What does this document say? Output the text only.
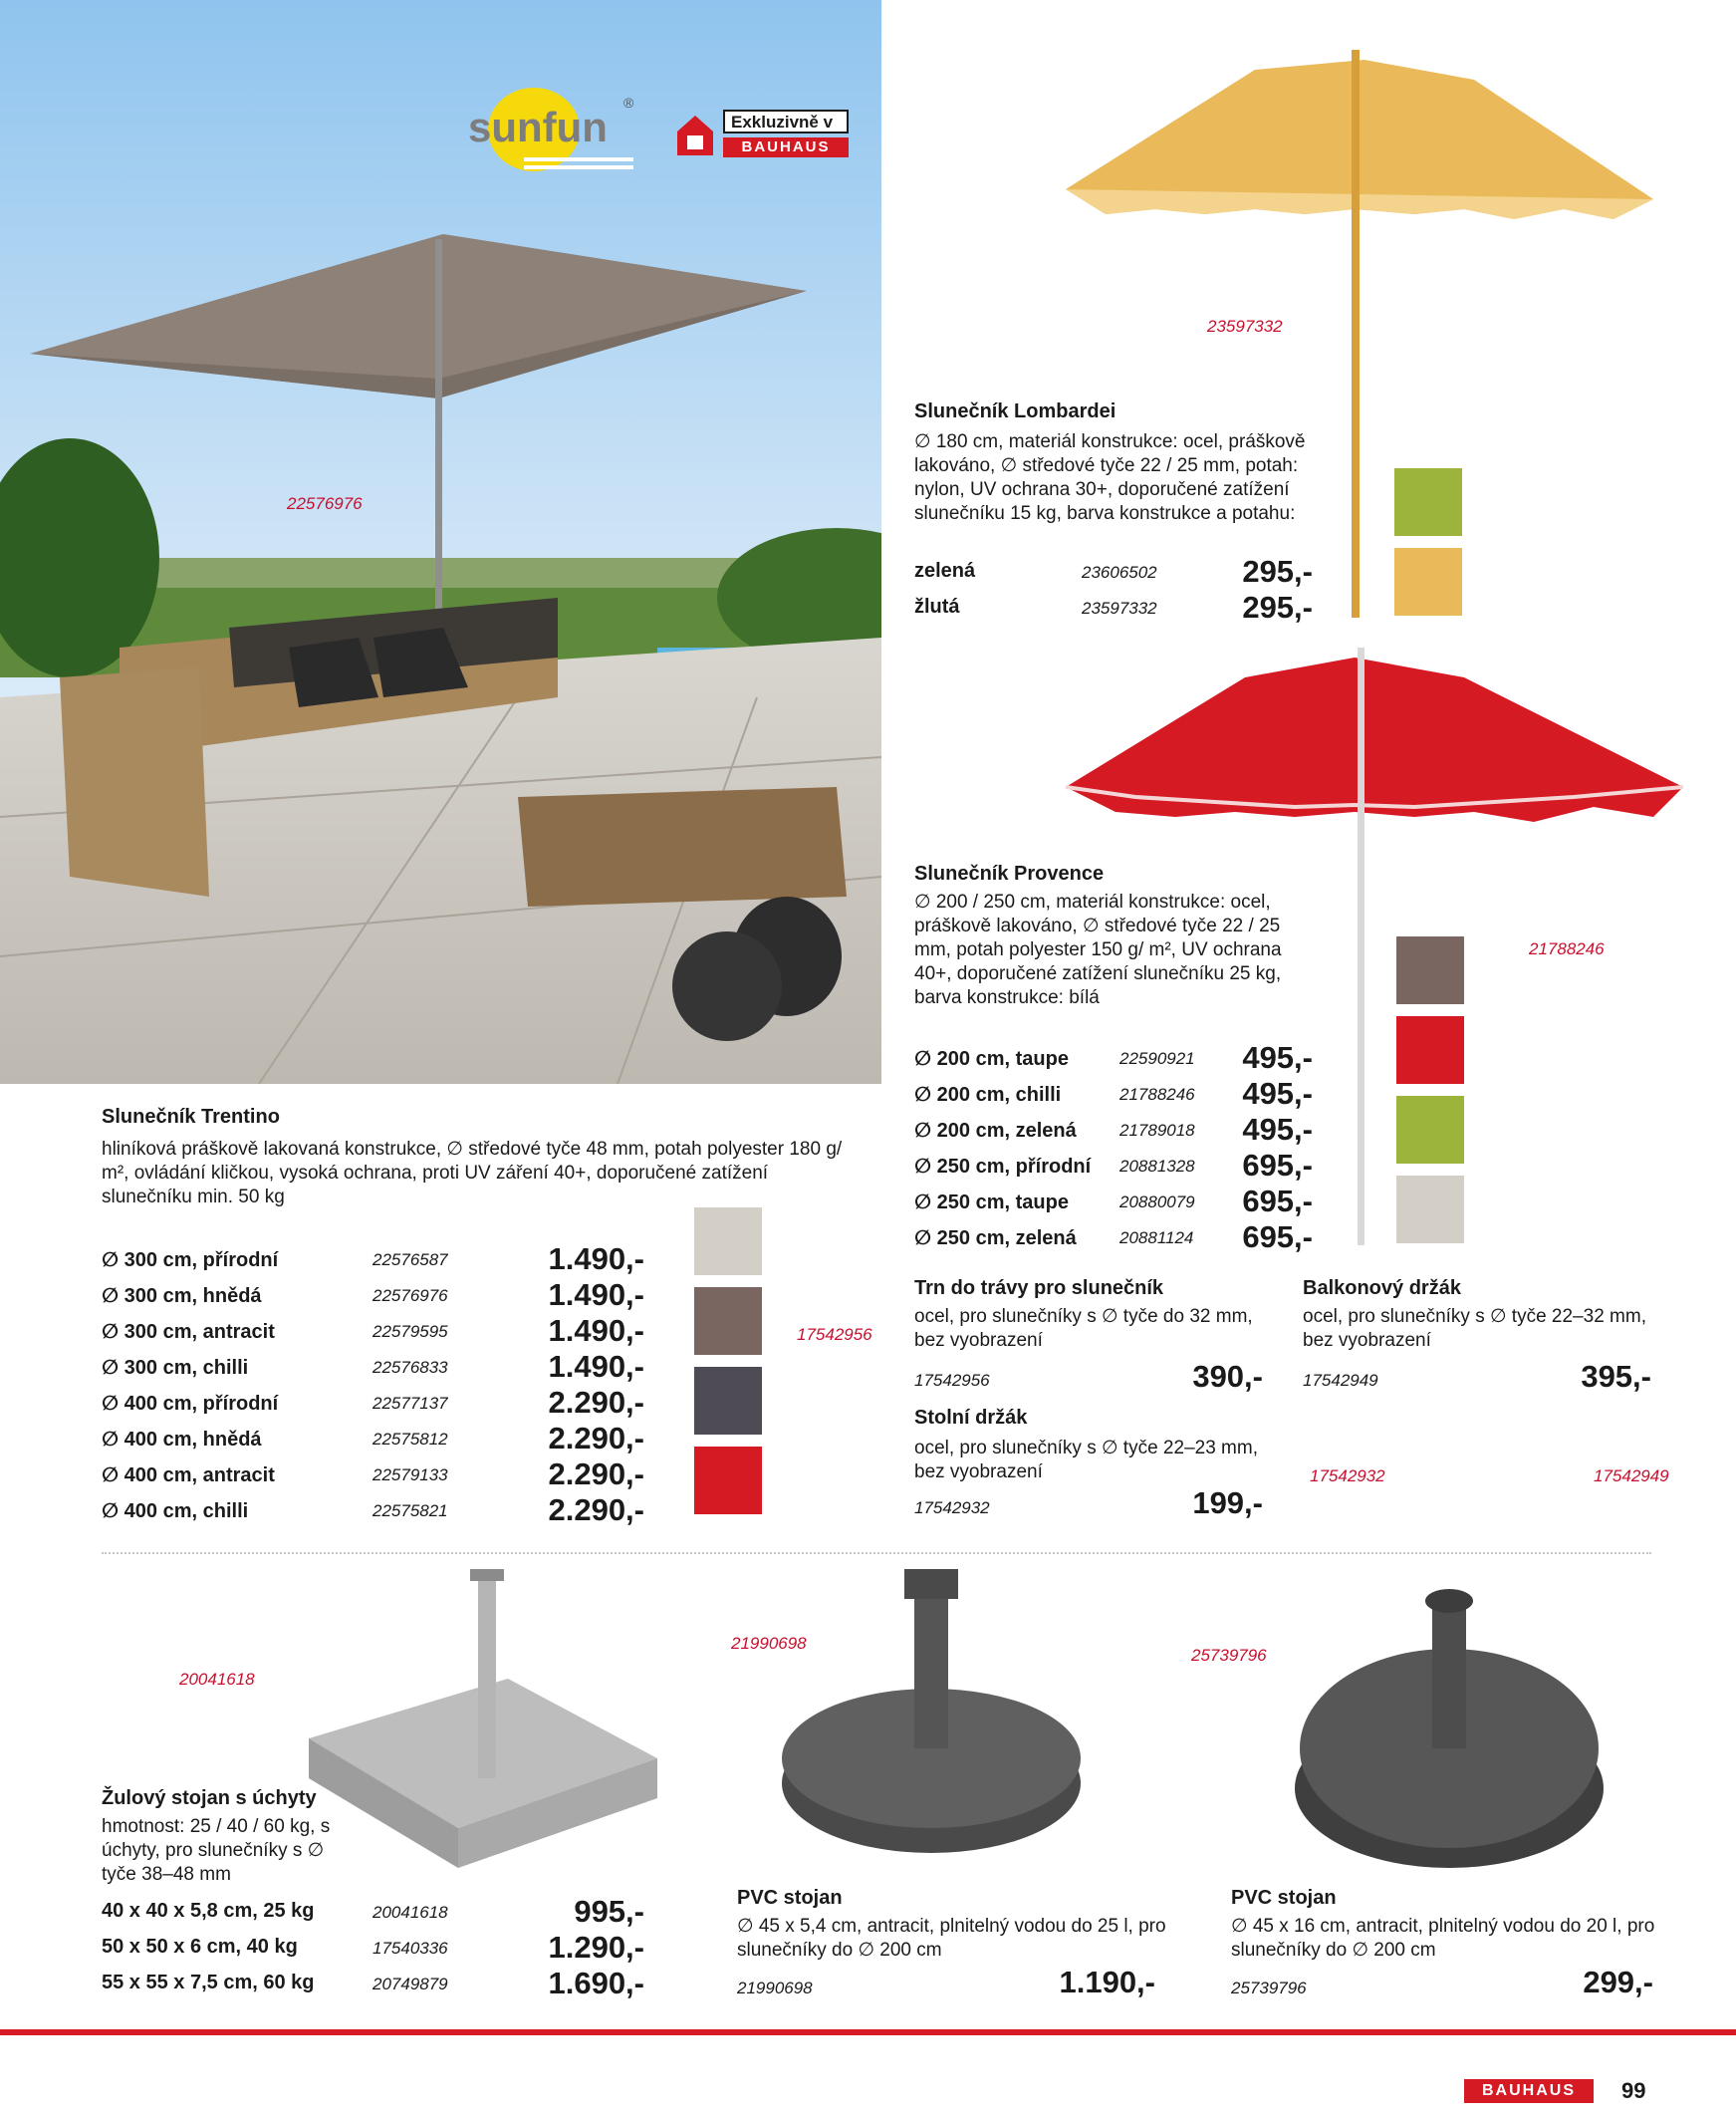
sunfun
®
Exkluzivně v
BAUHAUS
22576976
23597332
Slunečník Lombardei
∅ 180 cm, materiál konstrukce: ocel, práškově lakováno, ∅ středové tyče 22 / 25 mm, potah: nylon, UV ochrana 30+, doporučené zatížení slunečníku 15 kg, barva konstrukce a potahu:
zelená	23606502	295,-
žlutá	23597332	295,-
21788246
Slunečník Provence
∅ 200 / 250 cm, materiál konstrukce: ocel, práškově lakováno, ∅ středové tyče 22 / 25 mm, potah polyester 150 g/ m², UV ochrana 40+, doporučené zatížení slunečníku 25 kg, barva konstrukce: bílá
∅ 200 cm, taupe	22590921 495,-
∅ 200 cm, chilli	21788246 495,-
∅ 200 cm, zelená	21789018 495,-
∅ 250 cm, přírodní 20881328 695,-
∅ 250 cm, taupe	20880079 695,-
∅ 250 cm, zelená	20881124 695,-
Slunečník Trentino
hliníková práškově lakovaná konstrukce, ∅ středové tyče 48 mm, potah polyester 180 g/ m², ovládání kličkou, vysoká ochrana, proti UV záření 40+, doporučené zatížení slunečníku min. 50 kg
∅ 300 cm, přírodní	22576587	1.490,-
∅ 300 cm, hnědá	22576976	1.490,-
∅ 300 cm, antracit	22579595	1.490,-
∅ 300 cm, chilli	22576833	1.490,-
∅ 400 cm, přírodní	22577137	2.290,-
∅ 400 cm, hnědá	22575812	2.290,-
∅ 400 cm, antracit	22579133	2.290,-
∅ 400 cm, chilli	22575821	2.290,-
17542956
Trn do trávy pro slunečník
ocel, pro slunečníky s ∅ tyče do 32 mm, bez vyobrazení
17542956	390,-
Stolní držák
ocel, pro slunečníky s ∅ tyče 22–23 mm, bez vyobrazení
17542932	199,-
Balkonový držák
ocel, pro slunečníky s ∅ tyče 22–32 mm, bez vyobrazení
17542949	395,-
17542932	17542949
20041618
Žulový stojan s úchyty
hmotnost: 25 / 40 / 60 kg, s úchyty, pro slunečníky s ∅ tyče 38–48 mm
40 x 40 x 5,8 cm, 25 kg	20041618	995,-
50 x 50 x 6 cm, 40 kg	17540336	1.290,-
55 x 55 x 7,5 cm, 60 kg	20749879	1.690,-
21990698
PVC stojan
∅ 45 x 5,4 cm, antracit, plnitelný vodou do 25 l, pro slunečníky do ∅ 200 cm
21990698	1.190,-
25739796
PVC stojan
∅ 45 x 16 cm, antracit, plnitelný vodou do 20 l, pro slunečníky do ∅ 200 cm
25739796	299,-
BAUHAUS	99
